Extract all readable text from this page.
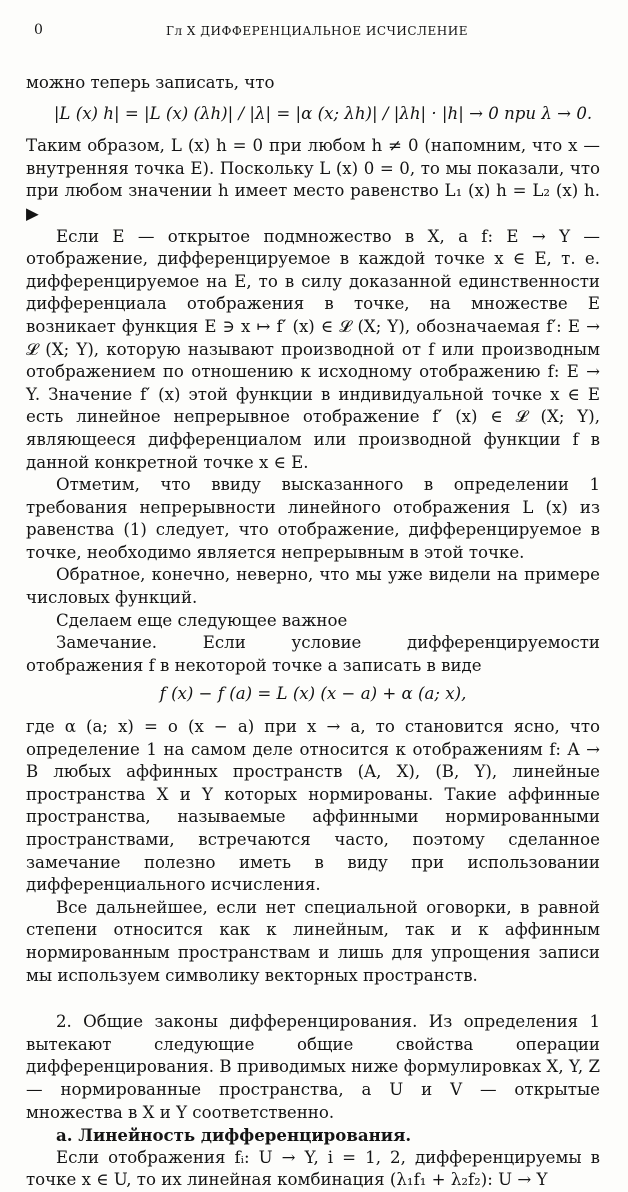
0	Гл X ДИФФЕРЕНЦИАЛЬНОЕ ИСЧИСЛЕНИЕ

можно теперь записать, что

|L (x) h| = |L (x) (λh)| / |λ| = |α (x; λh)| / |λh| · |h| → 0 при λ → 0.

Таким образом, L (x) h = 0 при любом h ≠ 0 (напомним, что x — внутренняя точка E). Поскольку L (x) 0 = 0, то мы показали, что при любом значении h имеет место равенство L₁ (x) h = L₂ (x) h. ▶

Если E — открытое подмножество в X, а f: E → Y — отображение, дифференцируемое в каждой точке x ∈ E, т. е. дифференцируемое на E, то в силу доказанной единственности дифференциала отображения в точке, на множестве E возникает функция E ∋ x ↦ f′ (x) ∈ 𝓛 (X; Y), обозначаемая f′: E → 𝓛 (X; Y), которую называют производной от f или производным отображением по отношению к исходному отображению f: E → Y. Значение f′ (x) этой функции в индивидуальной точке x ∈ E есть линейное непрерывное отображение f′ (x) ∈ 𝓛 (X; Y), являющееся дифференциалом или производной функции f в данной конкретной точке x ∈ E.

Отметим, что ввиду высказанного в определении 1 требования непрерывности линейного отображения L (x) из равенства (1) следует, что отображение, дифференцируемое в точке, необходимо является непрерывным в этой точке.

Обратное, конечно, неверно, что мы уже видели на примере числовых функций.

Сделаем еще следующее важное

Замечание. Если условие дифференцируемости отображения f в некоторой точке a записать в виде

f (x) − f (a) = L (x) (x − a) + α (a; x),

где α (a; x) = o (x − a) при x → a, то становится ясно, что определение 1 на самом деле относится к отображениям f: A → B любых аффинных пространств (A, X), (B, Y), линейные пространства X и Y которых нормированы. Такие аффинные пространства, называемые аффинными нормированными пространствами, встречаются часто, поэтому сделанное замечание полезно иметь в виду при использовании дифференциального исчисления.

Все дальнейшее, если нет специальной оговорки, в равной степени относится как к линейным, так и к аффинным нормированным пространствам и лишь для упрощения записи мы используем символику векторных пространств.

2. Общие законы дифференцирования. Из определения 1 вытекают следующие общие свойства операции дифференцирования. В приводимых ниже формулировках X, Y, Z — нормированные пространства, а U и V — открытые множества в X и Y соответственно.

a. Линейность дифференцирования.

Если отображения fᵢ: U → Y, i = 1, 2, дифференцируемы в точке x ∈ U, то их линейная комбинация (λ₁f₁ + λ₂f₂): U → Y
